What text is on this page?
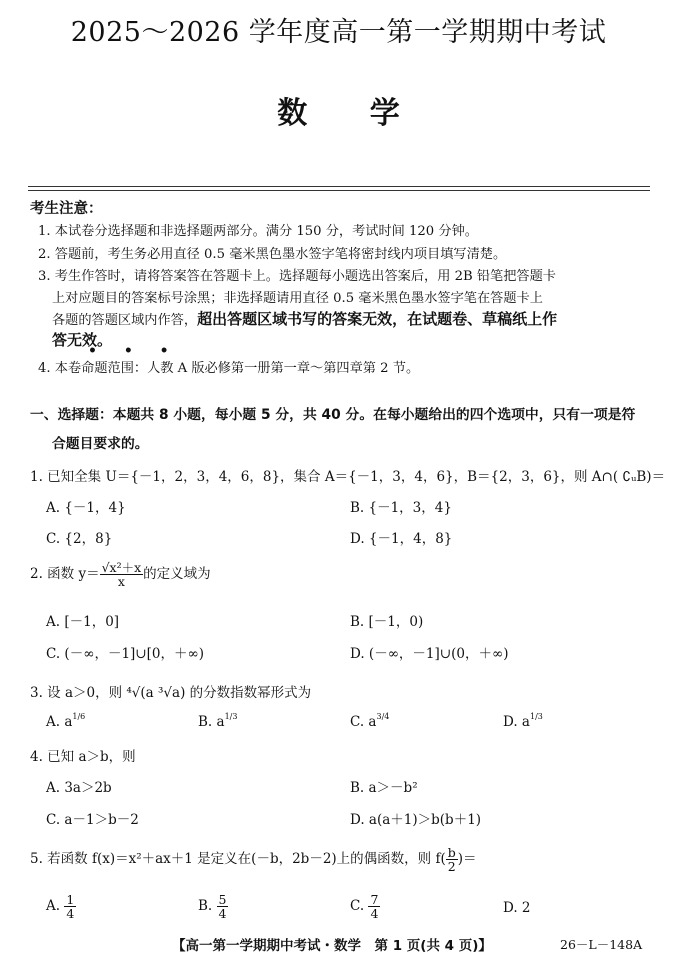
2025～2026 学年度高一第一学期期中考试
数 学
考生注意：
1. 本试卷分选择题和非选择题两部分。满分 150 分，考试时间 120 分钟。
2. 答题前，考生务必用直径 0.5 毫米黑色墨水签字笔将密封线内项目填写清楚。
3. 考生作答时，请将答案答在答题卡上。选择题每小题选出答案后，用 2B 铅笔把答题卡
上对应题目的答案标号涂黑；非选择题请用直径 0.5 毫米黑色墨水签字笔在答题卡上
各题的答题区域内作答，超出答题区域书写的答案无效，在试题卷、草稿纸上作
答无效。
• • •
4. 本卷命题范围：人教 A 版必修第一册第一章～第四章第 2 节。
一、选择题：本题共 8 小题，每小题 5 分，共 40 分。在每小题给出的四个选项中，只有一项是符
合题目要求的。
1. 已知全集 U＝{－1，2，3，4，6，8}，集合 A＝{－1，3，4，6}，B＝{2，3，6}，则 A∩( ∁ᵤB)＝
A. {－1，4}	B. {－1，3，4}
C. {2，8}	D. {－1，4，8}
2. 函数 $y= \frac{\text{√x²＋x}}{x}$ 的定义域为
A. [－1，0]	B. [－1，0)
C. (－∞，－1]∪[0，＋∞)	D. (－∞，－1]∪(0，＋∞)
3. 设 a＞0，则 ⁴√(a ³√a) 的分数指数幂形式为
A. $a^{1/6}$	B. $a^{1/3}$	C. $a^{3/4}$	D. $a^{1/3}$
4. 已知 a＞b，则
A. 3a＞2b	B. a＞－b²
C. a－1＞b－2	D. a(a＋1)＞b(b＋1)
5. 若函数 f(x)＝x²＋ax＋1 是定义在(－b，2b－2)上的偶函数，则 $f( \frac{b}{2}$ )＝
A. $\frac{1}{4}$	B. $\frac{5}{4}$	C. $\frac{7}{4}$	D. 2
【高一第一学期期中考试・数学　第 1 页(共 4 页)】	26－L－148A
